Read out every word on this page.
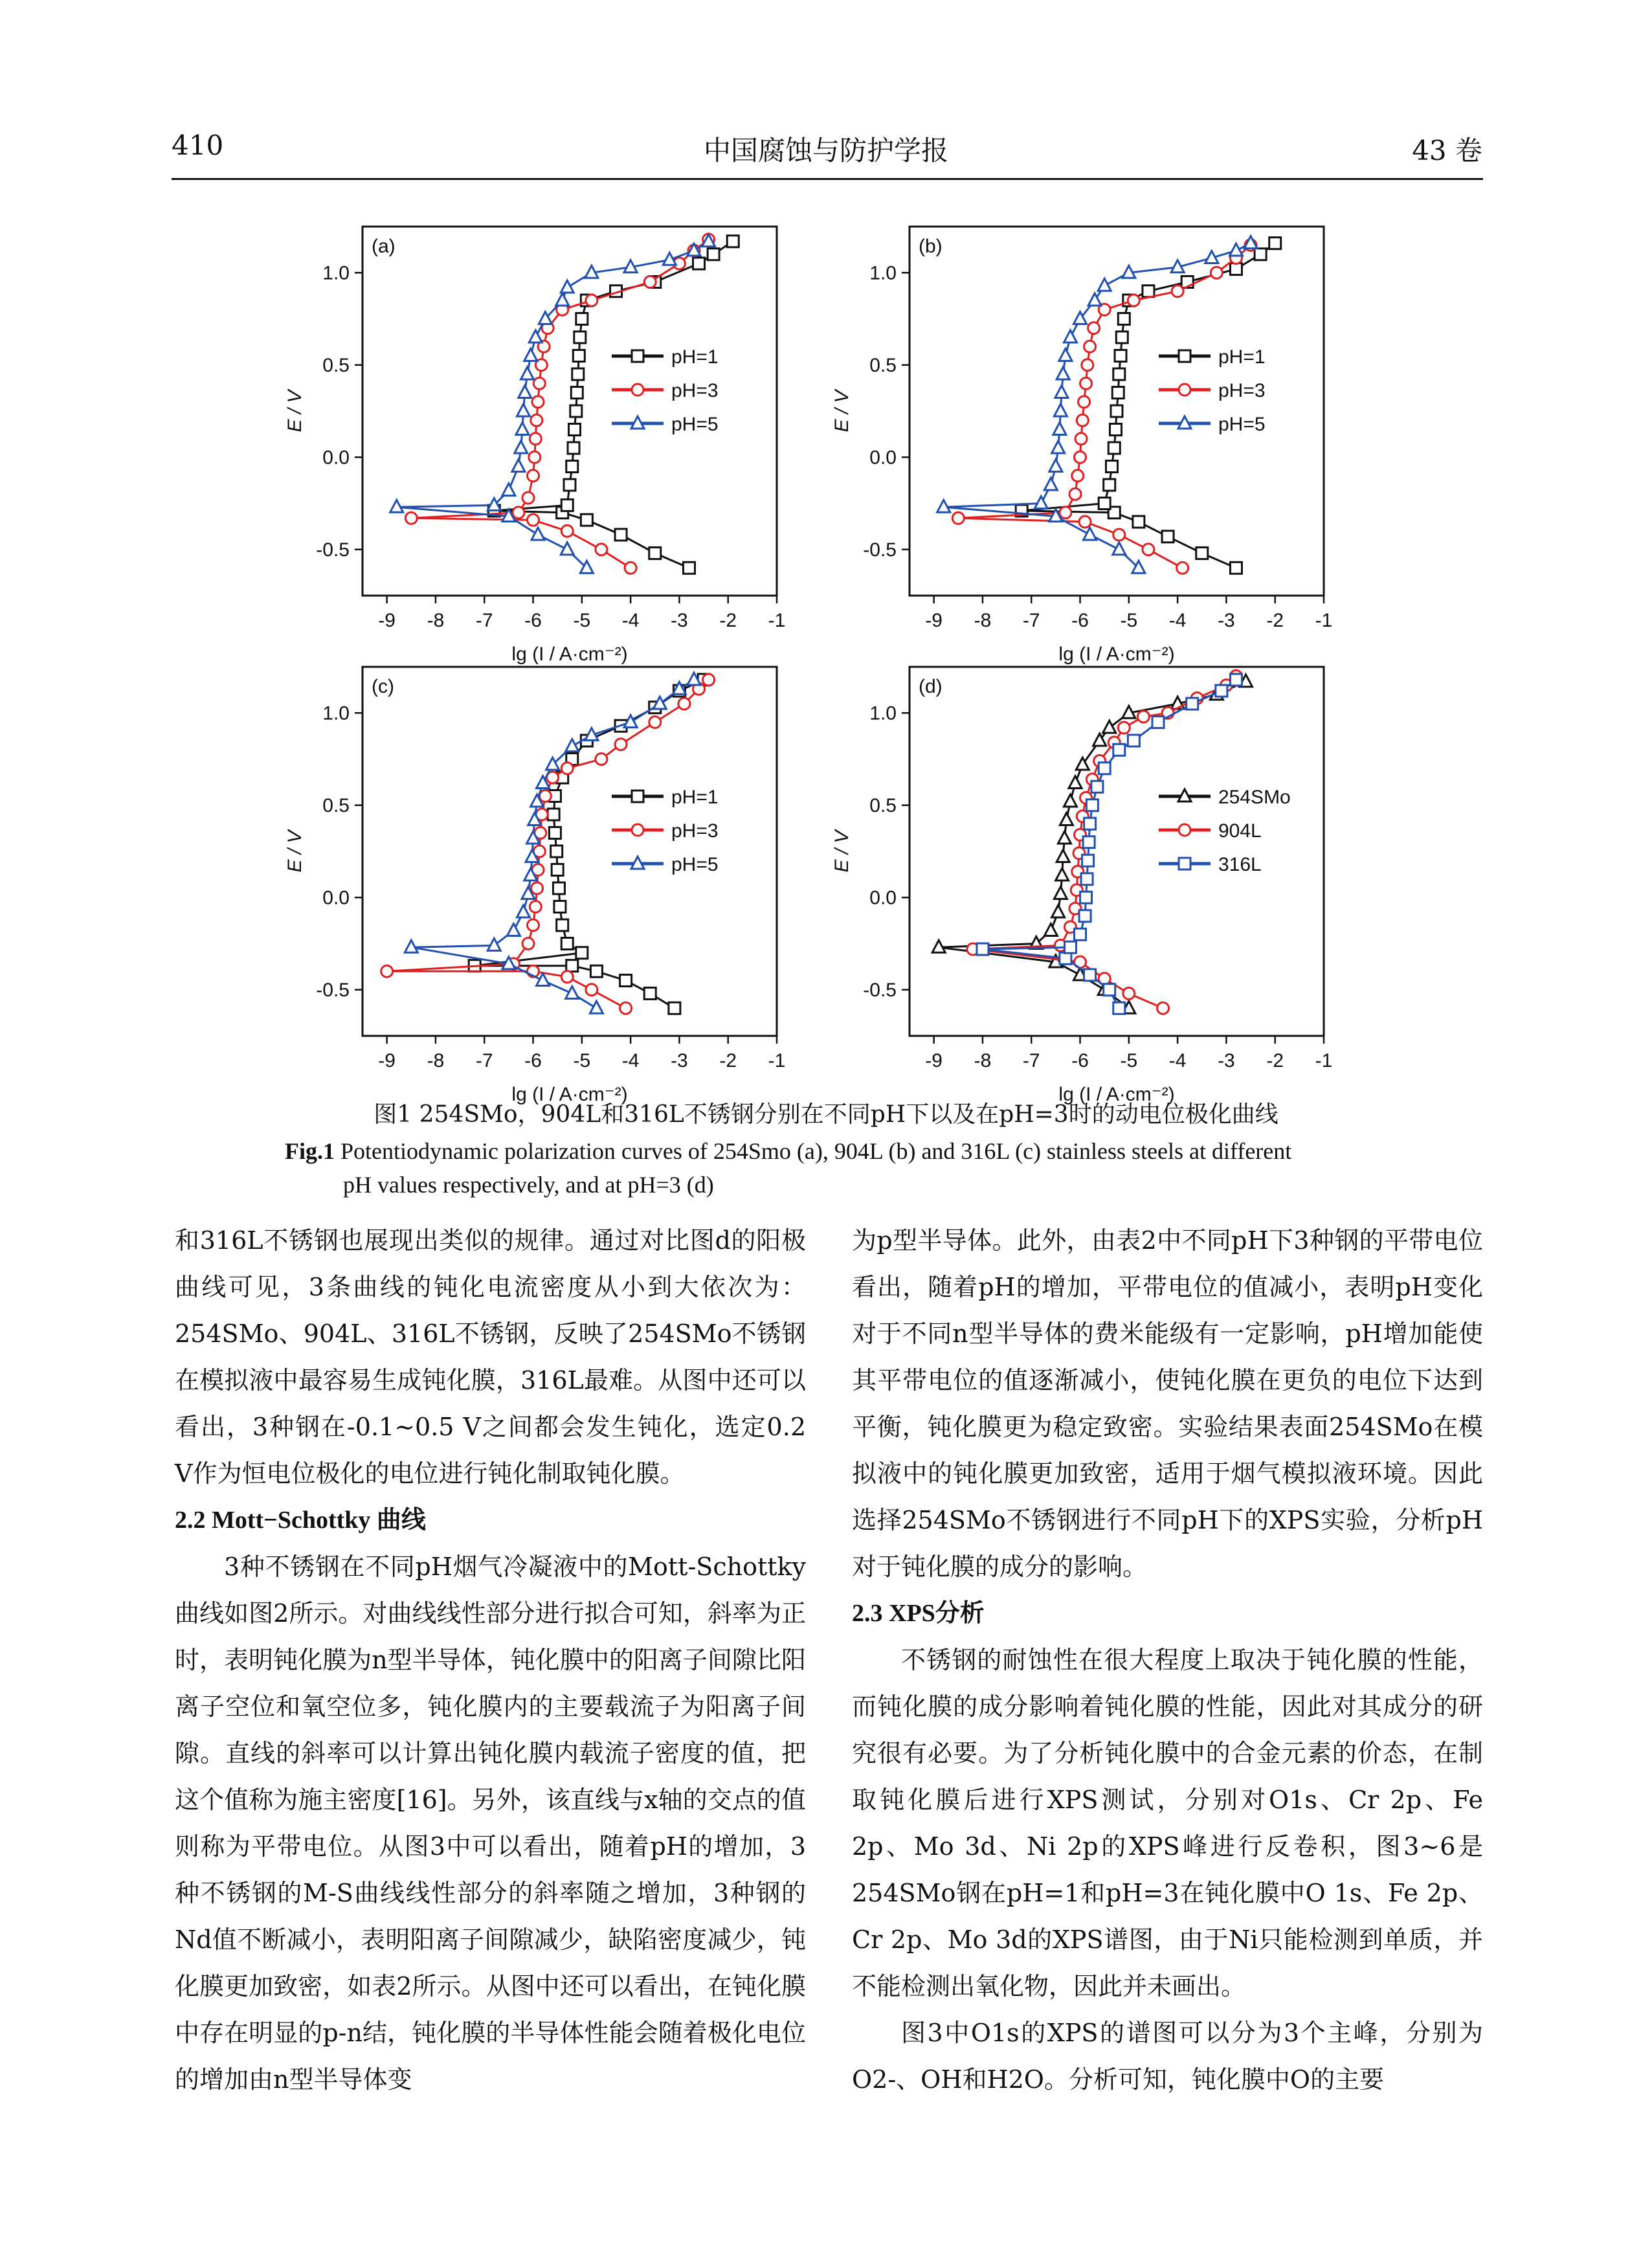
410	中国腐蚀与防护学报	43 卷
-9 -8 -7 -6 -5 -4 -3 -2 -1
-0.5
0.0
0.5
1.0
(a)
lg (I / A·cm⁻²)
E / V
pH=1
pH=3
pH=5
-9 -8 -7 -6 -5 -4 -3 -2 -1
-0.5
0.0
0.5
1.0
(b)
lg (I / A·cm⁻²)
E / V
pH=1
pH=3
pH=5
-9 -8 -7 -6 -5 -4 -3 -2 -1
-0.5
0.0
0.5
1.0
(c)
lg (I / A·cm⁻²)
E / V
pH=1
pH=3
pH=5
-9 -8 -7 -6 -5 -4 -3 -2 -1
-0.5
0.0
0.5
1.0
(d)
lg (I / A·cm⁻²)
E / V
254SMo
904L
316L
图1 254SMo，904L和316L不锈钢分别在不同pH下以及在pH=3时的动电位极化曲线
Fig.1 Potentiodynamic polarization curves of 254Smo (a), 904L (b) and 316L (c) stainless steels at different
pH values respectively, and at pH=3 (d)

和316L不锈钢也展现出类似的规律。通过对比图d的阳极曲线可见，3条曲线的钝化电流密度从小到大依次为：254SMo、904L、316L不锈钢，反映了254SMo不锈钢在模拟液中最容易生成钝化膜，316L最难。从图中还可以看出，3种钢在-0.1~0.5 V之间都会发生钝化，选定0.2 V作为恒电位极化的电位进行钝化制取钝化膜。

2.2 Mott−Schottky 曲线

3种不锈钢在不同pH烟气冷凝液中的Mott-Schottky曲线如图2所示。对曲线线性部分进行拟合可知，斜率为正时，表明钝化膜为n型半导体，钝化膜中的阳离子间隙比阳离子空位和氧空位多，钝化膜内的主要载流子为阳离子间隙。直线的斜率可以计算出钝化膜内载流子密度的值，把这个值称为施主密度[16]。另外，该直线与x轴的交点的值则称为平带电位。从图3中可以看出，随着pH的增加，3种不锈钢的M-S曲线线性部分的斜率随之增加，3种钢的Nd值不断减小，表明阳离子间隙减少，缺陷密度减少，钝化膜更加致密，如表2所示。从图中还可以看出，在钝化膜中存在明显的p-n结，钝化膜的半导体性能会随着极化电位的增加由n型半导体变

为p型半导体。此外，由表2中不同pH下3种钢的平带电位看出，随着pH的增加，平带电位的值减小，表明pH变化对于不同n型半导体的费米能级有一定影响，pH增加能使其平带电位的值逐渐减小，使钝化膜在更负的电位下达到平衡，钝化膜更为稳定致密。实验结果表面254SMo在模拟液中的钝化膜更加致密，适用于烟气模拟液环境。因此选择254SMo不锈钢进行不同pH下的XPS实验，分析pH对于钝化膜的成分的影响。

2.3 XPS分析

不锈钢的耐蚀性在很大程度上取决于钝化膜的性能，而钝化膜的成分影响着钝化膜的性能，因此对其成分的研究很有必要。为了分析钝化膜中的合金元素的价态，在制取钝化膜后进行XPS测试，分别对O1s、Cr 2p、Fe 2p、Mo 3d、Ni 2p的XPS峰进行反卷积，图3~6是254SMo钢在pH=1和pH=3在钝化膜中O 1s、Fe 2p、Cr 2p、Mo 3d的XPS谱图，由于Ni只能检测到单质，并不能检测出氧化物，因此并未画出。

图3中O1s的XPS的谱图可以分为3个主峰，分别为O2-、OH和H2O。分析可知，钝化膜中O的主要
